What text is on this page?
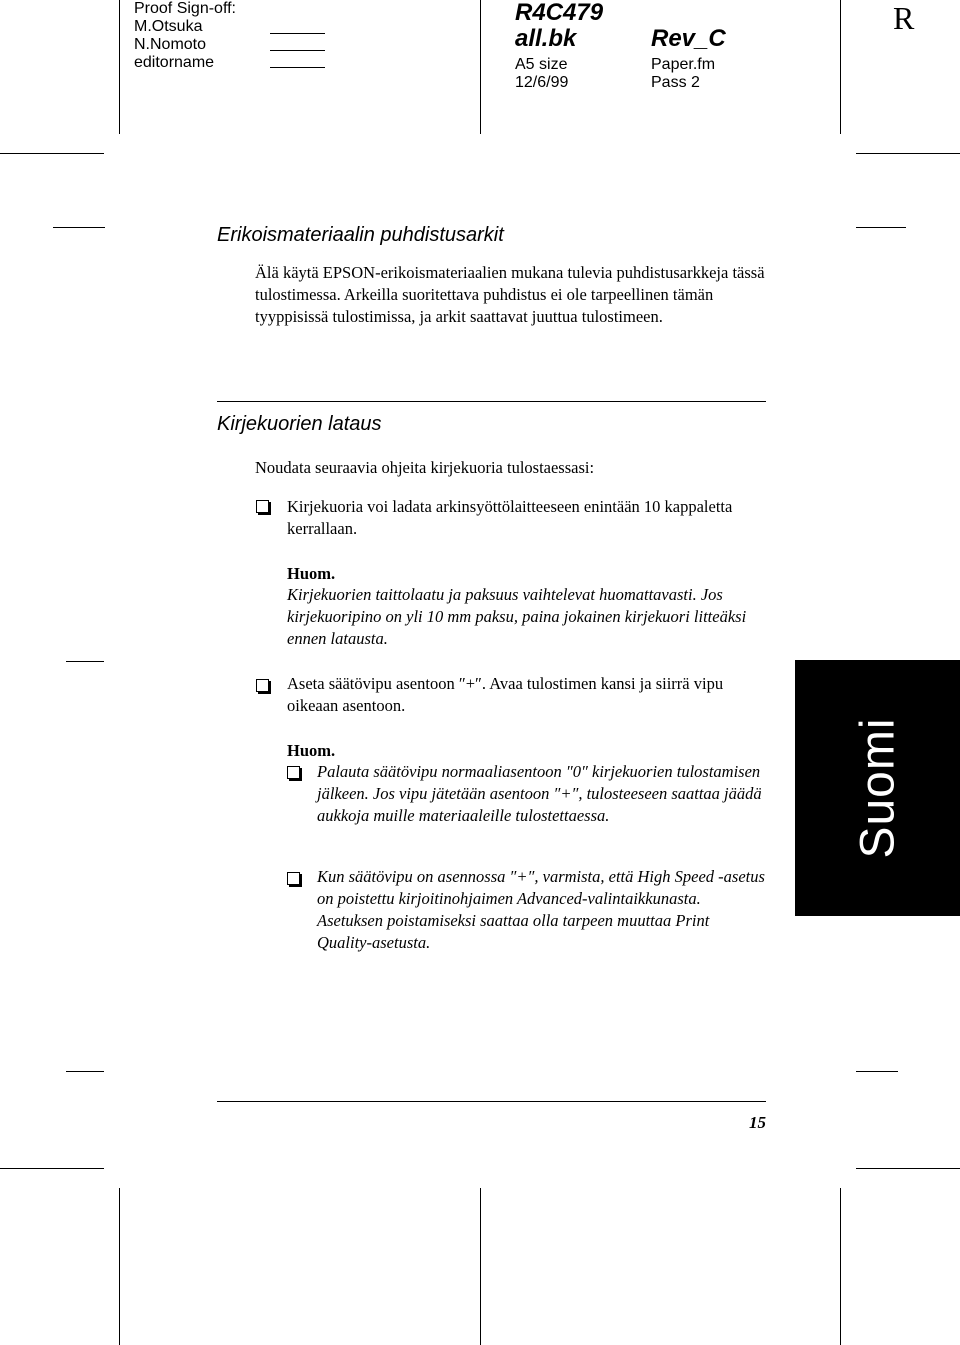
Proof Sign-off:
M.Otsuka
N.Nomoto
editorname
R4C479
all.bk
A5 size
12/6/99
Rev_C
Paper.fm
Pass 2
R
Erikoismateriaalin puhdistusarkit
Älä käytä EPSON-erikoismateriaalien mukana tulevia puhdistusarkkeja tässä tulostimessa. Arkeilla suoritettava puhdistus ei ole tarpeellinen tämän tyyppisissä tulostimissa, ja arkit saattavat juuttua tulostimeen.
Kirjekuorien lataus
Noudata seuraavia ohjeita kirjekuoria tulostaessasi:
Kirjekuoria voi ladata arkinsyöttölaitteeseen enintään 10 kappaletta kerrallaan.
Huom.
Kirjekuorien taittolaatu ja paksuus vaihtelevat huomattavasti. Jos kirjekuoripino on yli 10 mm paksu, paina jokainen kirjekuori litteäksi ennen latausta.
Aseta säätövipu asentoon ″+″. Avaa tulostimen kansi ja siirrä vipu oikeaan asentoon.
Huom.
Palauta säätövipu normaaliasentoon ″0″ kirjekuorien tulostamisen jälkeen. Jos vipu jätetään asentoon ″+″, tulosteeseen saattaa jäädä aukkoja muille materiaaleille tulostettaessa.
Kun säätövipu on asennossa ″+″, varmista, että High Speed -asetus on poistettu kirjoitinohjaimen Advanced-valintaikkunasta. Asetuksen poistamiseksi saattaa olla tarpeen muuttaa Print Quality-asetusta.
Suomi
15
